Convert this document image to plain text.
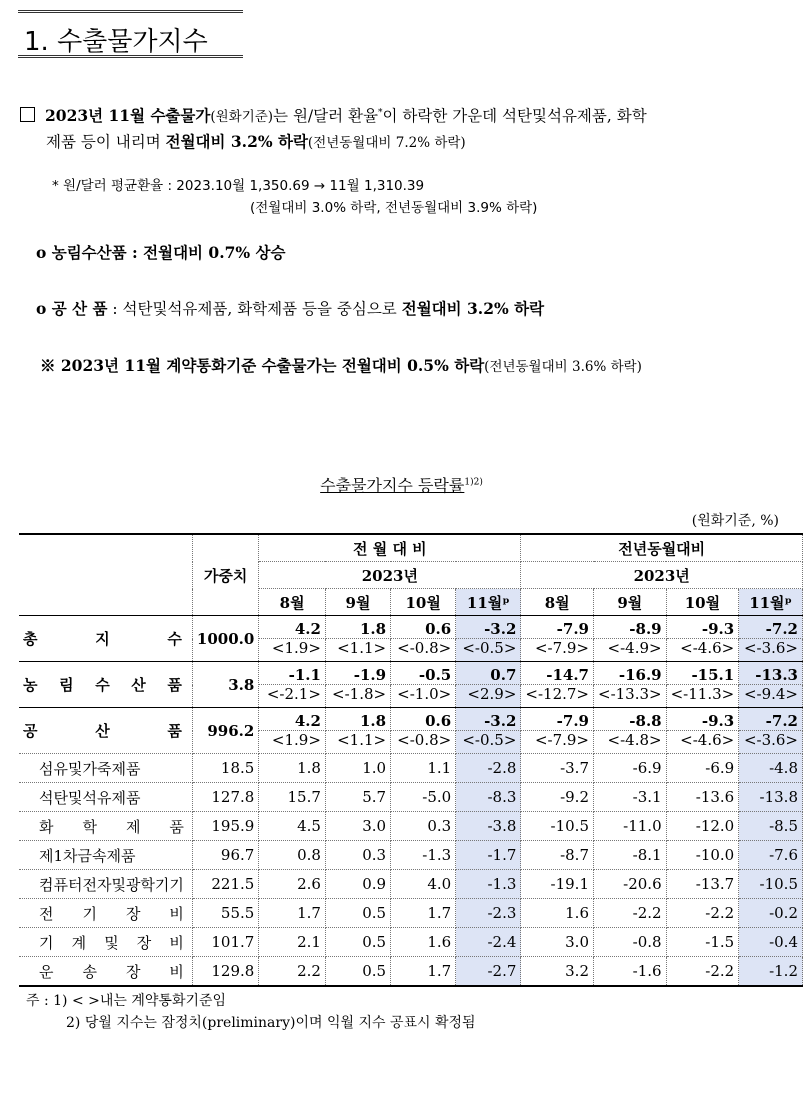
1. 수출물가지수
2023년 11월 수출물가(원화기준)는 원/달러 환율*이 하락한 가운데 석탄및석유제품, 화학
제품 등이 내리며 전월대비 3.2% 하락(전년동월대비 7.2% 하락)
* 원/달러 평균환율 : 2023.10월 1,350.69 → 11월 1,310.39
(전월대비 3.0% 하락, 전년동월대비 3.9% 하락)
o 농림수산품 : 전월대비 0.7% 상승
o 공 산 품 : 석탄및석유제품, 화학제품 등을 중심으로 전월대비 3.2% 하락
※ 2023년 11월 계약통화기준 수출물가는 전월대비 0.5% 하락(전년동월대비 3.6% 하락)
수출물가지수 등락률$^{1)2)}$
(원화기준, %)
	가중치	전 월 대 비				전년동월대비			
		2023년				2023년			
		8월	9월	10월	11월ᵖ	8월	9월	10월	11월ᵖ
총 지 수	1000.0	4.2	1.8	0.6	-3.2	-7.9	-8.9	-9.3	-7.2
		<1.9>	<1.1>	<-0.8>	<-0.5>	<-7.9>	<-4.9>	<-4.6>	<-3.6>
농 림 수 산 품	3.8	-1.1	-1.9	-0.5	0.7	-14.7	-16.9	-15.1	-13.3
		<-2.1>	<-1.8>	<-1.0>	<2.9>	<-12.7>	<-13.3>	<-11.3>	<-9.4>
공 산 품	996.2	4.2	1.8	0.6	-3.2	-7.9	-8.8	-9.3	-7.2
		<1.9>	<1.1>	<-0.8>	<-0.5>	<-7.9>	<-4.8>	<-4.6>	<-3.6>
섬유및가죽제품	18.5	1.8	1.0	1.1	-2.8	-3.7	-6.9	-6.9	-4.8
석탄및석유제품	127.8	15.7	5.7	-5.0	-8.3	-9.2	-3.1	-13.6	-13.8
화 학 제 품	195.9	4.5	3.0	0.3	-3.8	-10.5	-11.0	-12.0	-8.5
제1차금속제품	96.7	0.8	0.3	-1.3	-1.7	-8.7	-8.1	-10.0	-7.6
컴퓨터전자및광학기기	221.5	2.6	0.9	4.0	-1.3	-19.1	-20.6	-13.7	-10.5
전 기 장 비	55.5	1.7	0.5	1.7	-2.3	1.6	-2.2	-2.2	-0.2
기 계 및 장 비	101.7	2.1	0.5	1.6	-2.4	3.0	-0.8	-1.5	-0.4
운 송 장 비	129.8	2.2	0.5	1.7	-2.7	3.2	-1.6	-2.2	-1.2
주 : 1) < >내는 계약통화기준임
2) 당월 지수는 잠정치(preliminary)이며 익월 지수 공표시 확정됨
